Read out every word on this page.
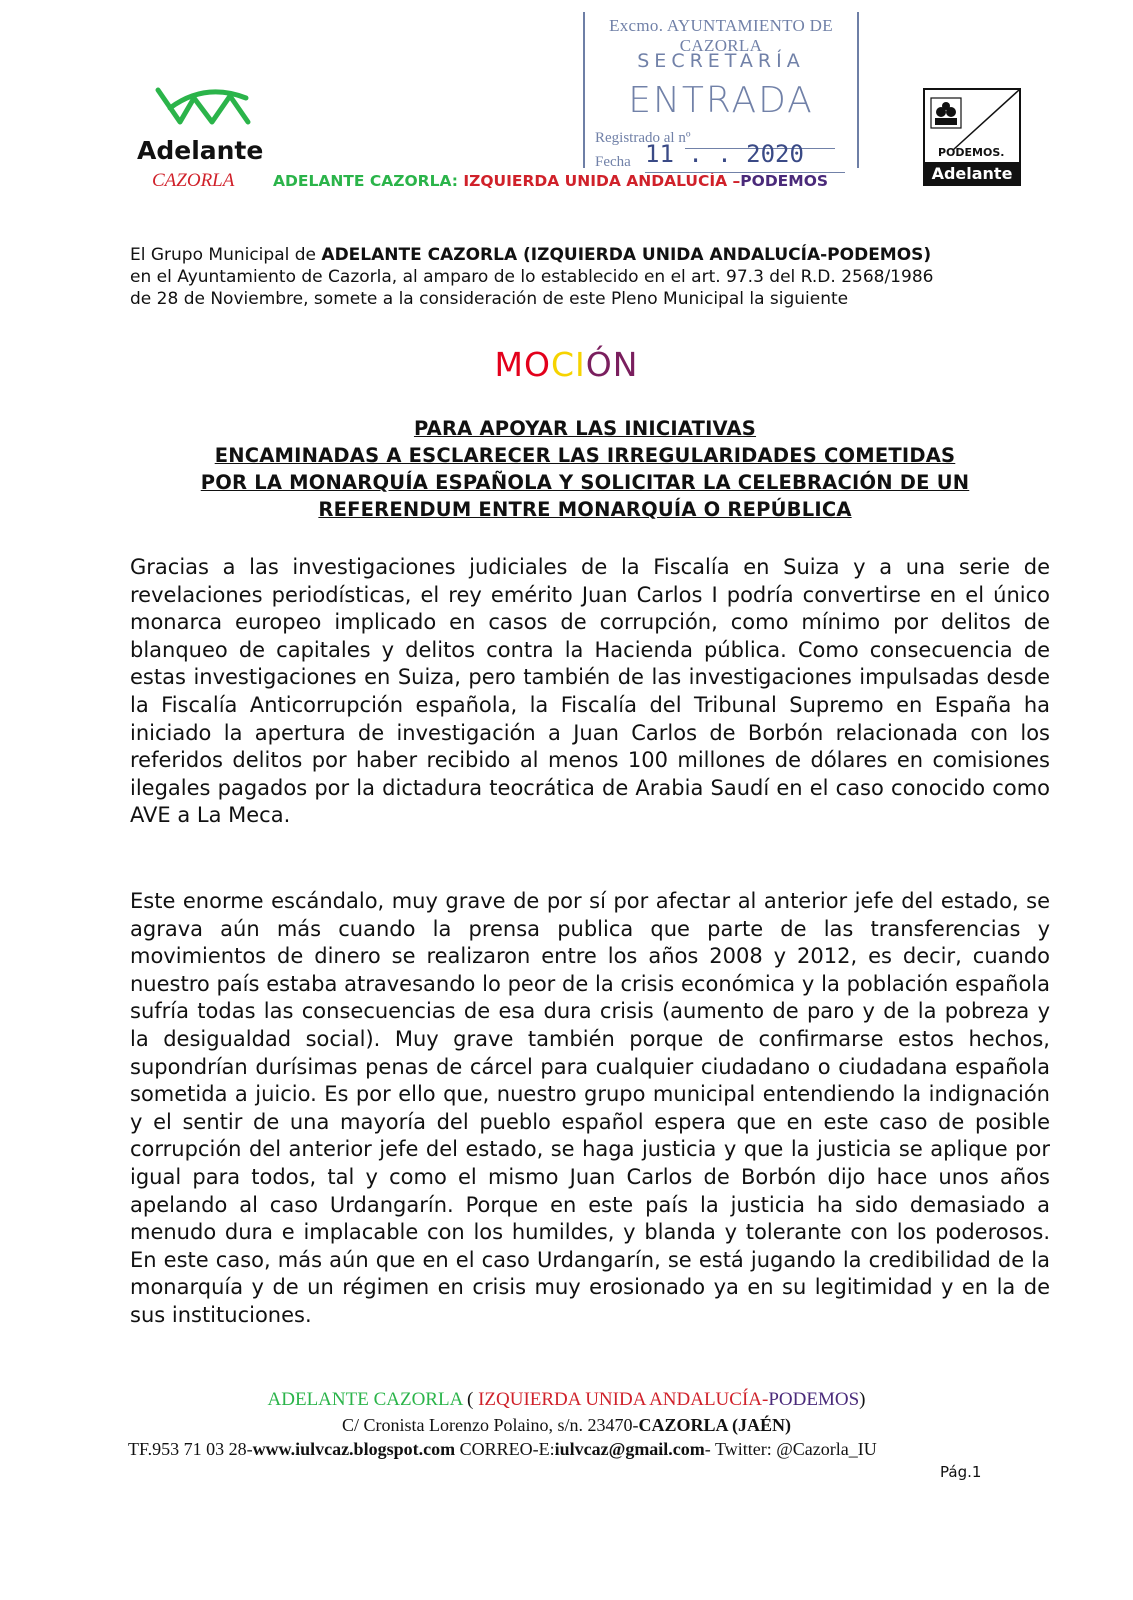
Adelante
CAZORLA ADELANTE CAZORLA: IZQUIERDA UNIDA ANDALUCÍA –PODEMOS
Excmo. AYUNTAMIENTO DE CAZORLA
SECRETARÍA
ENTRADA
Registrado al nº
Fecha 11 . . 2020	PODEMOS.
Adelante

El Grupo Municipal de ADELANTE CAZORLA (IZQUIERDA UNIDA ANDALUCÍA-PODEMOS)

en el Ayuntamiento de Cazorla, al amparo de lo establecido en el art. 97.3 del R.D. 2568/1986

de 28 de Noviembre, somete a la consideración de este Pleno Municipal la siguiente

MOCIÓN
PARA APOYAR LAS INICIATIVAS
ENCAMINADAS A ESCLARECER LAS IRREGULARIDADES COMETIDAS
POR LA MONARQUÍA ESPAÑOLA Y SOLICITAR LA CELEBRACIÓN DE UN
REFERENDUM ENTRE MONARQUÍA O REPÚBLICA
Gracias a las investigaciones judiciales de la Fiscalía en Suiza y a una serie de revelaciones periodísticas, el rey emérito Juan Carlos I podría convertirse en el único monarca europeo implicado en casos de corrupción, como mínimo por delitos de blanqueo de capitales y delitos contra la Hacienda pública. Como consecuencia de estas investigaciones en Suiza, pero también de las investigaciones impulsadas desde la Fiscalía Anticorrupción española, la Fiscalía del Tribunal Supremo en España ha iniciado la apertura de investigación a Juan Carlos de Borbón relacionada con los referidos delitos por haber recibido al menos 100 millones de dólares en comisiones ilegales pagados por la dictadura teocrática de Arabia Saudí en el caso conocido como AVE a La Meca.
Este enorme escándalo, muy grave de por sí por afectar al anterior jefe del estado, se agrava aún más cuando la prensa publica que parte de las transferencias y movimientos de dinero se realizaron entre los años 2008 y 2012, es decir, cuando nuestro país estaba atravesando lo peor de la crisis económica y la población española sufría todas las consecuencias de esa dura crisis (aumento de paro y de la pobreza y la desigualdad social). Muy grave también porque de confirmarse estos hechos, supondrían durísimas penas de cárcel para cualquier ciudadano o ciudadana española sometida a juicio. Es por ello que, nuestro grupo municipal entendiendo la indignación y el sentir de una mayoría del pueblo español espera que en este caso de posible corrupción del anterior jefe del estado, se haga justicia y que la justicia se aplique por igual para todos, tal y como el mismo Juan Carlos de Borbón dijo hace unos años apelando al caso Urdangarín. Porque en este país la justicia ha sido demasiado a menudo dura e implacable con los humildes, y blanda y tolerante con los poderosos. En este caso, más aún que en el caso Urdangarín, se está jugando la credibilidad de la monarquía y de un régimen en crisis muy erosionado ya en su legitimidad y en la de sus instituciones.
ADELANTE CAZORLA ( IZQUIERDA UNIDA ANDALUCÍA-PODEMOS)
C/ Cronista Lorenzo Polaino, s/n. 23470-CAZORLA (JAÉN)
TF.953 71 03 28-www.iulvcaz.blogspot.com CORREO-E:iulvcaz@gmail.com- Twitter: @Cazorla_IU
Pág.1
